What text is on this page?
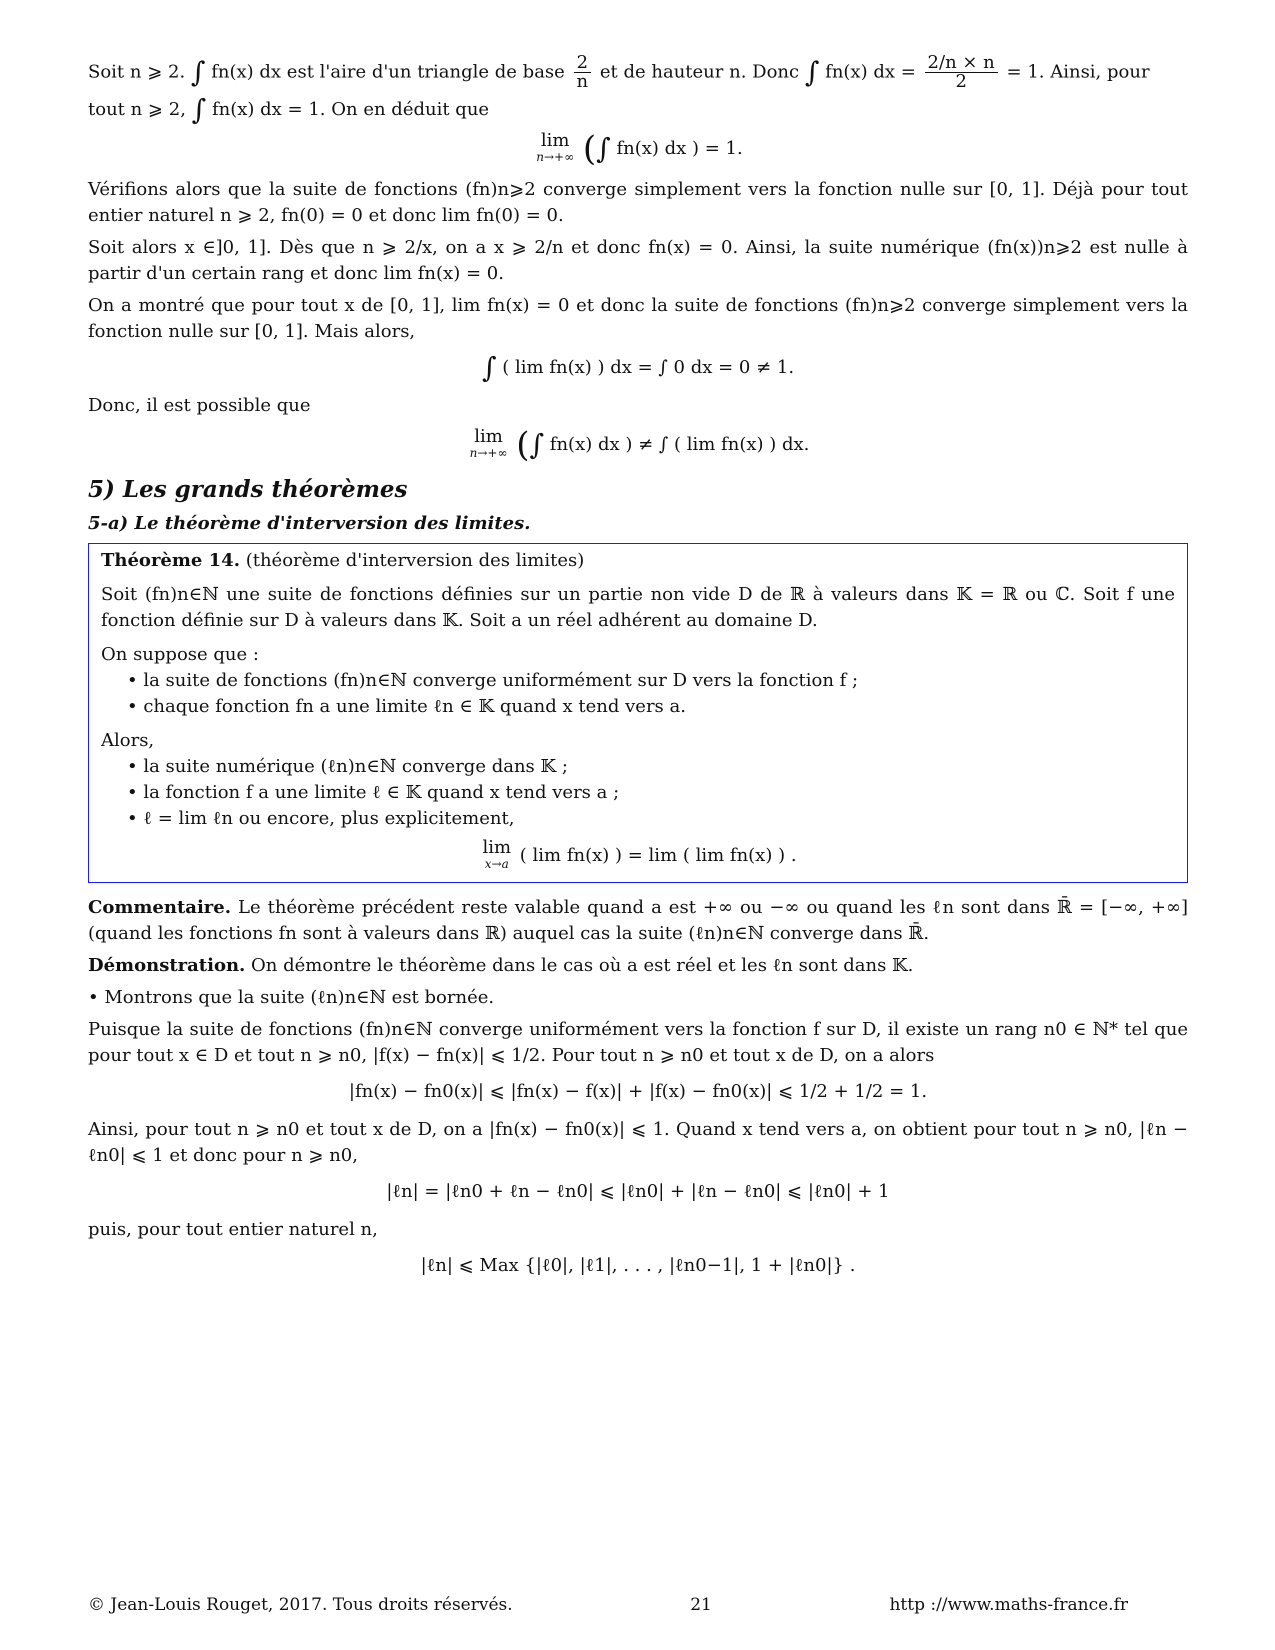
Soit n ⩾ 2. ∫ fn(x) dx est l'aire d'un triangle de base $\frac{2}{n}$ et de hauteur n. Donc ∫ fn(x) dx = $\frac{2/n \times n}{2} = 1$. Ainsi, pour

tout n ⩾ 2, ∫ fn(x) dx = 1. On en déduit que

lim
n→+∞ (∫ fn(x) dx ) = 1.

Vérifions alors que la suite de fonctions (fn)n⩾2 converge simplement vers la fonction nulle sur [0, 1]. Déjà pour tout entier naturel n ⩾ 2, fn(0) = 0 et donc lim fn(0) = 0.

Soit alors x ∈]0, 1]. Dès que n ⩾ 2/x, on a x ⩾ 2/n et donc fn(x) = 0. Ainsi, la suite numérique (fn(x))n⩾2 est nulle à partir d'un certain rang et donc lim fn(x) = 0.

On a montré que pour tout x de [0, 1], lim fn(x) = 0 et donc la suite de fonctions (fn)n⩾2 converge simplement vers la fonction nulle sur [0, 1]. Mais alors,

∫ ( lim fn(x) ) dx = ∫ 0 dx = 0 ≠ 1.

Donc, il est possible que

lim
n→+∞ (∫ fn(x) dx ) ≠ ∫ ( lim fn(x) ) dx.
5) Les grands théorèmes
5-a) Le théorème d'interversion des limites.

Théorème 14. (théorème d'interversion des limites)

Soit (fn)n∈ℕ une suite de fonctions définies sur un partie non vide D de ℝ à valeurs dans 𝕂 = ℝ ou ℂ. Soit f une fonction définie sur D à valeurs dans 𝕂. Soit a un réel adhérent au domaine D.

On suppose que :

• la suite de fonctions (fn)n∈ℕ converge uniformément sur D vers la fonction f ;
• chaque fonction fn a une limite ℓn ∈ 𝕂 quand x tend vers a.

Alors,

• la suite numérique (ℓn)n∈ℕ converge dans 𝕂 ;
• la fonction f a une limite ℓ ∈ 𝕂 quand x tend vers a ;
• ℓ = lim ℓn ou encore, plus explicitement,
lim
x→a ( lim fn(x) ) = lim ( lim fn(x) ) .

Commentaire. Le théorème précédent reste valable quand a est +∞ ou −∞ ou quand les ℓn sont dans ℝ̄ = [−∞, +∞] (quand les fonctions fn sont à valeurs dans ℝ) auquel cas la suite (ℓn)n∈ℕ converge dans ℝ̄.

Démonstration. On démontre le théorème dans le cas où a est réel et les ℓn sont dans 𝕂.

• Montrons que la suite (ℓn)n∈ℕ est bornée.

Puisque la suite de fonctions (fn)n∈ℕ converge uniformément vers la fonction f sur D, il existe un rang n0 ∈ ℕ* tel que pour tout x ∈ D et tout n ⩾ n0, |f(x) − fn(x)| ⩽ 1/2. Pour tout n ⩾ n0 et tout x de D, on a alors

|fn(x) − fn0(x)| ⩽ |fn(x) − f(x)| + |f(x) − fn0(x)| ⩽ 1/2 + 1/2 = 1.

Ainsi, pour tout n ⩾ n0 et tout x de D, on a |fn(x) − fn0(x)| ⩽ 1. Quand x tend vers a, on obtient pour tout n ⩾ n0, |ℓn − ℓn0| ⩽ 1 et donc pour n ⩾ n0,

|ℓn| = |ℓn0 + ℓn − ℓn0| ⩽ |ℓn0| + |ℓn − ℓn0| ⩽ |ℓn0| + 1

puis, pour tout entier naturel n,

|ℓn| ⩽ Max {|ℓ0|, |ℓ1|, . . . , |ℓn0−1|, 1 + |ℓn0|} .
© Jean-Louis Rouget, 2017. Tous droits réservés.	21	http ://www.maths-france.fr
